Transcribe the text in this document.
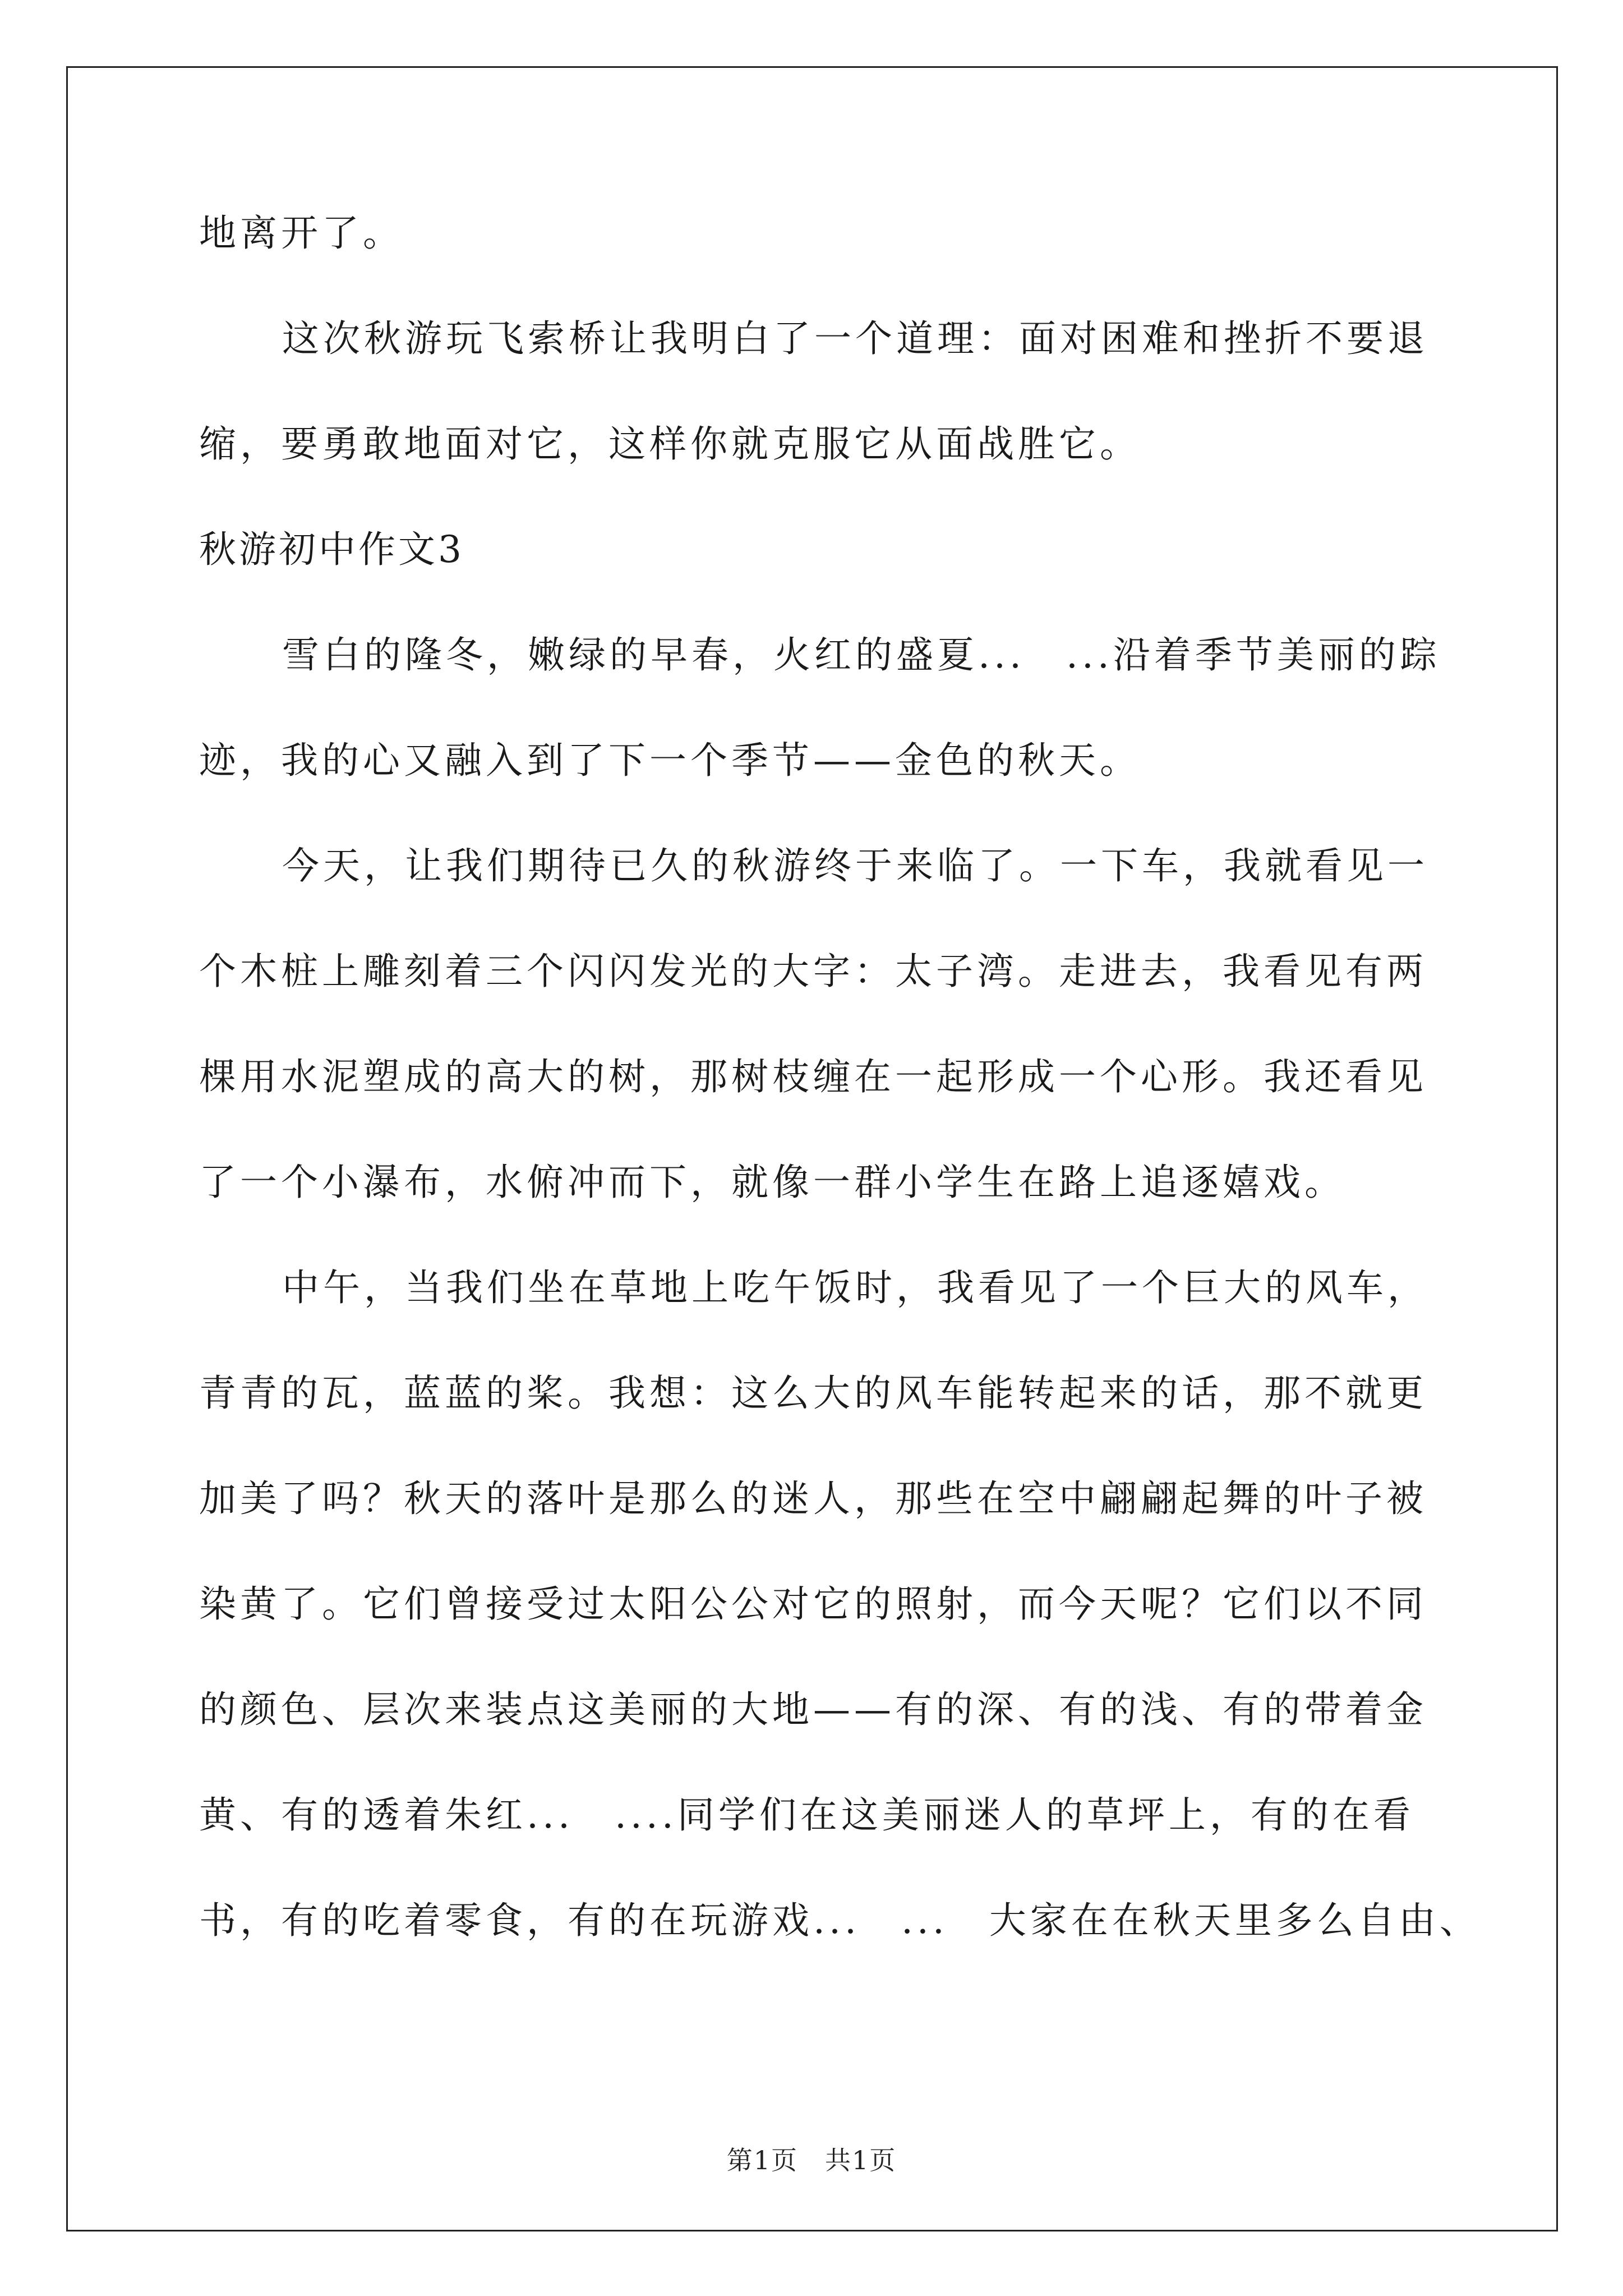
地离开了。
这次秋游玩飞索桥让我明白了一个道理：面对困难和挫折不要退
缩，要勇敢地面对它，这样你就克服它从面战胜它。
秋游初中作文3
雪白的隆冬，嫩绿的早春，火红的盛夏...　...沿着季节美丽的踪
迹，我的心又融入到了下一个季节——金色的秋天。
今天，让我们期待已久的秋游终于来临了。一下车，我就看见一
个木桩上雕刻着三个闪闪发光的大字：太子湾。走进去，我看见有两
棵用水泥塑成的高大的树，那树枝缠在一起形成一个心形。我还看见
了一个小瀑布，水俯冲而下，就像一群小学生在路上追逐嬉戏。
中午，当我们坐在草地上吃午饭时，我看见了一个巨大的风车，
青青的瓦，蓝蓝的桨。我想：这么大的风车能转起来的话，那不就更
加美了吗？秋天的落叶是那么的迷人，那些在空中翩翩起舞的叶子被
染黄了。它们曾接受过太阳公公对它的照射，而今天呢？它们以不同
的颜色、层次来装点这美丽的大地——有的深、有的浅、有的带着金
黄、有的透着朱红...　....同学们在这美丽迷人的草坪上，有的在看
书，有的吃着零食，有的在玩游戏...　...　大家在在秋天里多么自由、
第1页　共1页
